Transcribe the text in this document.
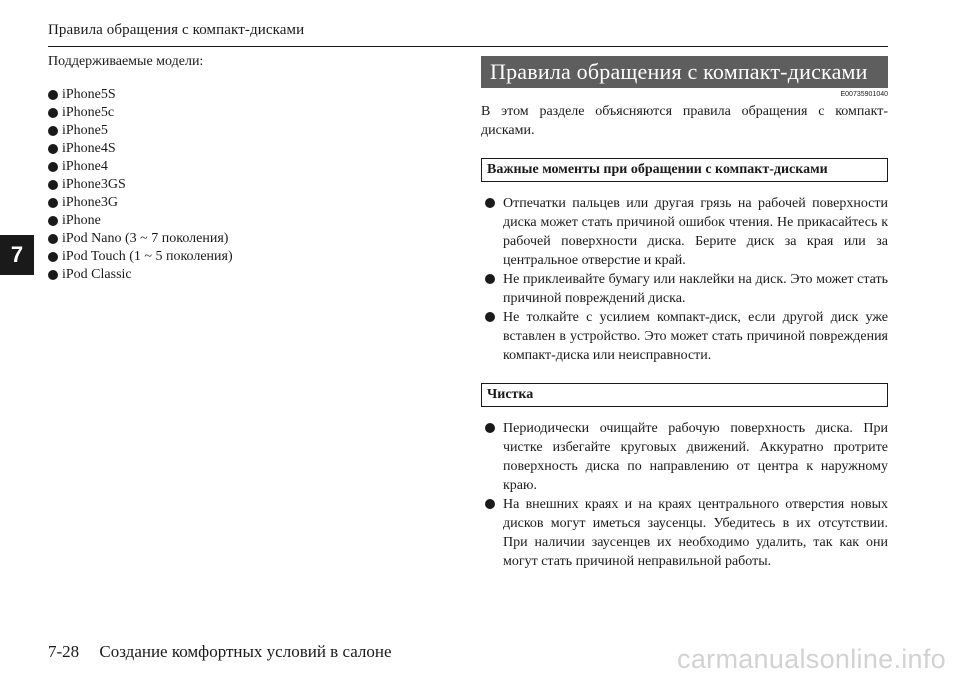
Правила обращения с компакт-дисками
7
Поддерживаемые модели:
iPhone5S
iPhone5c
iPhone5
iPhone4S
iPhone4
iPhone3GS
iPhone3G
iPhone
iPod Nano (3 ~ 7 поколения)
iPod Touch (1 ~ 5 поколения)
iPod Classic
Правила обращения с компакт-дисками
E00735901040
В этом разделе объясняются правила обращения с компакт-дисками.
Важные моменты при обращении с компакт-дисками
Отпечатки пальцев или другая грязь на рабочей поверхности диска может стать причиной ошибок чтения. Не прикасайтесь к рабочей поверхности диска. Берите диск за края или за центральное отверстие и край.
Не приклеивайте бумагу или наклейки на диск. Это может стать причиной повреждений диска.
Не толкайте с усилием компакт-диск, если другой диск уже вставлен в устройство. Это может стать причиной повреждения компакт-диска или неисправности.
Чистка
Периодически очищайте рабочую поверхность диска. При чистке избегайте круговых движений. Аккуратно протрите поверхность диска по направлению от центра к наружному краю.
На внешних краях и на краях центрального отверстия новых дисков могут иметься заусенцы. Убедитесь в их отсутствии. При наличии заусенцев их необходимо удалить, так как они могут стать причиной неправильной работы.
7-28 Создание комфортных условий в салоне	carmanualsonline.info
